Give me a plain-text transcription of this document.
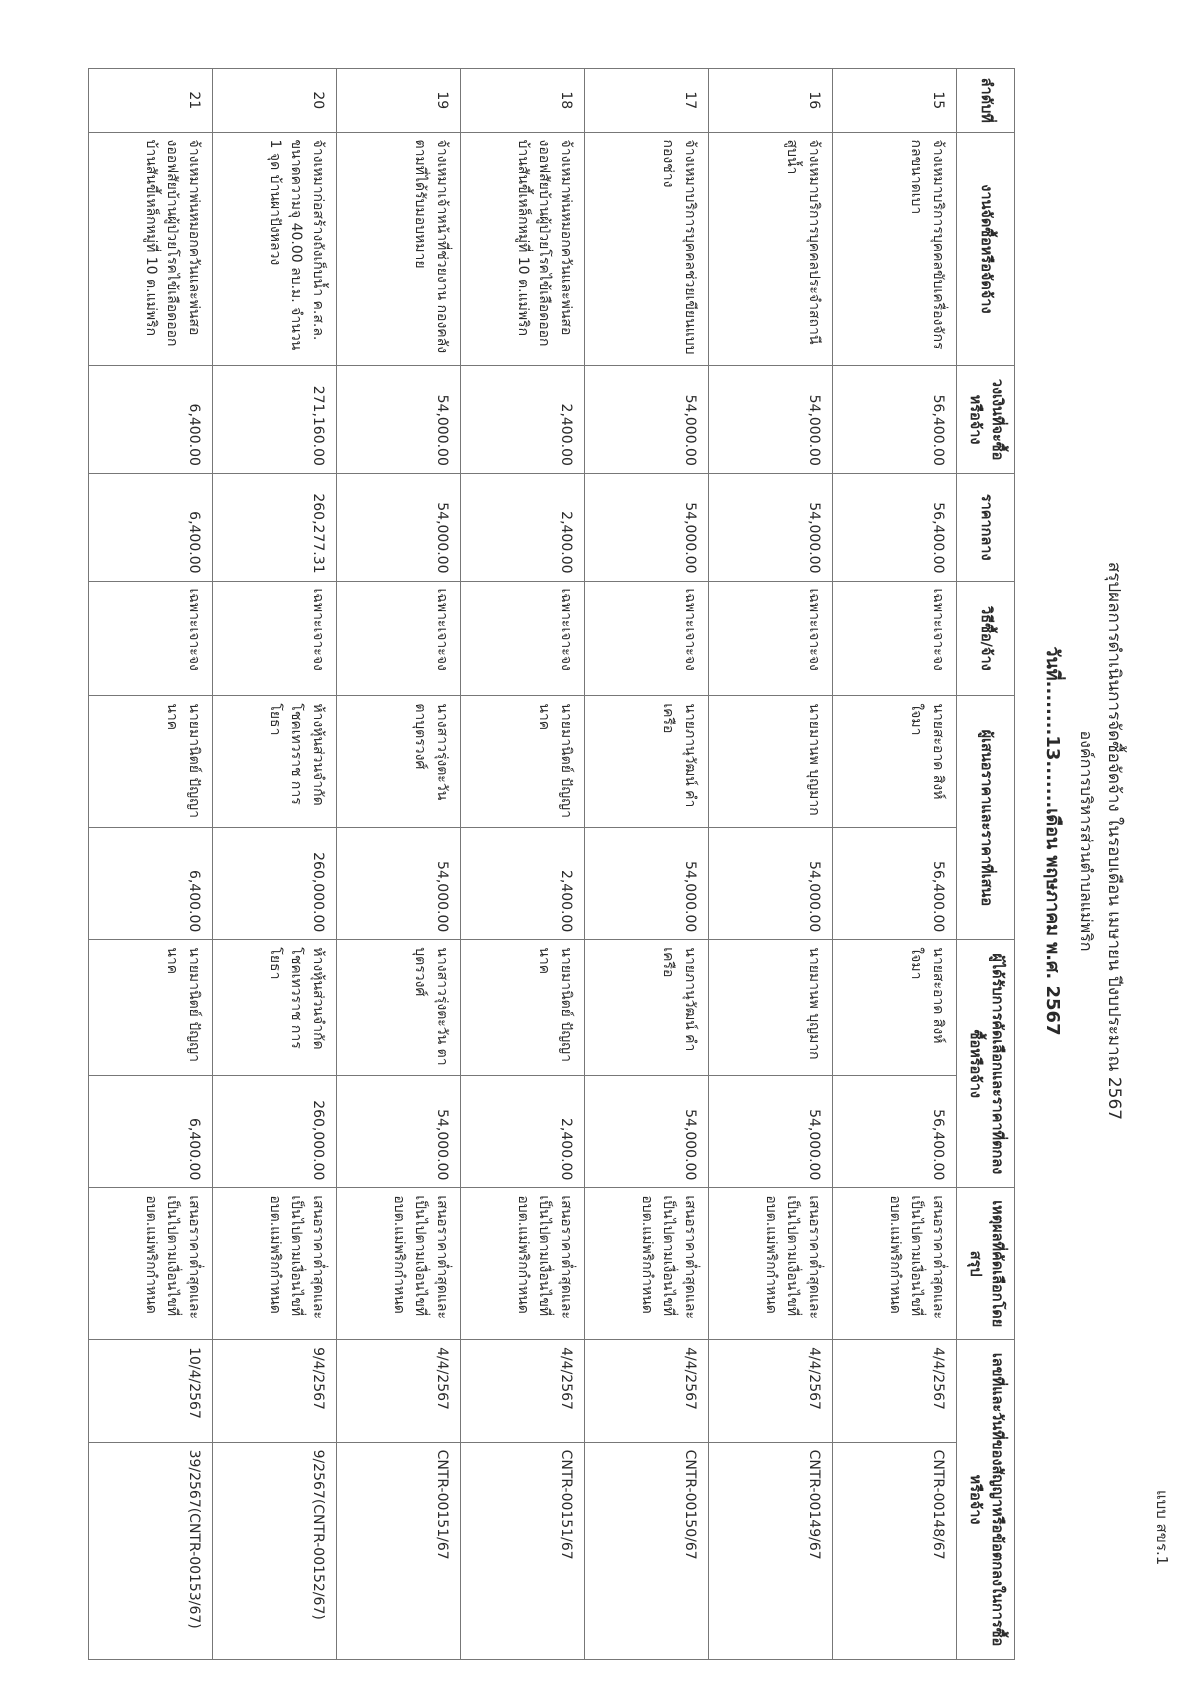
แบบ สขร.1
สรุปผลการดำเนินการจัดซื้อจัดจ้าง ในรอบเดือน เมษายน ปีงบประมาณ 2567
องค์การบริหารส่วนตำบลแม่พริก
วันที่........13.......เดือน พฤษภาคม พ.ศ. 2567
ลำดับที่	งานจัดซื้อหรือจัดจ้าง	วงเงินที่จะซื้อหรือจ้าง	ราคากลาง	วิธีซื้อ/จ้าง	ผู้เสนอราคาและราคาที่เสนอ		ผู้ได้รับการคัดเลือกและราคาที่ตกลงซื้อหรือจ้าง		เหตุผลที่คัดเลือกโดยสรุป	เลขที่และวันที่ของสัญญาหรือข้อตกลงในการซื้อหรือจ้าง	
15	จ้างเหมาบริการบุคคลขับเครื่องจักรกลขนาดเบา	56,400.00	56,400.00	เฉพาะเจาะจง	นายสะอาด สิงห์ใจมา	56,400.00	นายสะอาด สิงห์ใจมา	56,400.00	เสนอราคาต่ำสุดและเป็นไปตามเงื่อนไขที่ อบต.แม่พริกกำหนด	4/4/2567	CNTR-00148/67
16	จ้างเหมาบริการบุคคลประจำสถานีสูบน้ำ	54,000.00	54,000.00	เฉพาะเจาะจง	นายมานพ บุญมาก	54,000.00	นายมานพ บุญมาก	54,000.00	เสนอราคาต่ำสุดและเป็นไปตามเงื่อนไขที่ อบต.แม่พริกกำหนด	4/4/2567	CNTR-00149/67
17	จ้างเหมาบริการบุคคลช่วยเขียนแบบ กองช่าง	54,000.00	54,000.00	เฉพาะเจาะจง	นายภานุวัฒน์ คำเครือ	54,000.00	นายภานุวัฒน์ คำเครือ	54,000.00	เสนอราคาต่ำสุดและเป็นไปตามเงื่อนไขที่ อบต.แม่พริกกำหนด	4/4/2567	CNTR-00150/67
18	จ้างเหมาพ่นหมอกควันและพ่นสองออฟสัยบ้านผู้ป่วยโรคไข้เลือดออกบ้านสันขี้เหล็กหมู่ที่ 10 ต.แม่พริก	2,400.00	2,400.00	เฉพาะเจาะจง	นายมานิตย์ ปัญญานาค	2,400.00	นายมานิตย์ ปัญญานาค	2,400.00	เสนอราคาต่ำสุดและเป็นไปตามเงื่อนไขที่ อบต.แม่พริกกำหนด	4/4/2567	CNTR-00151/67
19	จ้างเหมาเจ้าหน้าที่ช่วยงาน กองคลัง ตามที่ได้รับมอบหมาย	54,000.00	54,000.00	เฉพาะเจาะจง	นางสาวรุ่งตะวัน ตาบุตรวงศ์	54,000.00	นางสาวรุ่งตะวัน ตาบุตรวงศ์	54,000.00	เสนอราคาต่ำสุดและเป็นไปตามเงื่อนไขที่ อบต.แม่พริกกำหนด	4/4/2567	CNTR-00151/67
20	จ้างเหมาก่อสร้างถังเก็บน้ำ ค.ส.ล. ขนาดความจุ 40.00 ลบ.ม. จำนวน 1 จุด บ้านผาปังหลวง	271,160.00	260,277.31	เฉพาะเจาะจง	ห้างหุ้นส่วนจำกัด โชคเทวราช การโยธา	260,000.00	ห้างหุ้นส่วนจำกัด โชคเทวราช การโยธา	260,000.00	เสนอราคาต่ำสุดและเป็นไปตามเงื่อนไขที่ อบต.แม่พริกกำหนด	9/4/2567	9/2567(CNTR-00152/67)
21	จ้างเหมาพ่นหมอกควันและพ่นสองออฟสัยบ้านผู้ป่วยโรคไข้เลือดออกบ้านสันขี้เหล็กหมู่ที่ 10 ต.แม่พริก	6,400.00	6,400.00	เฉพาะเจาะจง	นายมานิตย์ ปัญญานาค	6,400.00	นายมานิตย์ ปัญญานาค	6,400.00	เสนอราคาต่ำสุดและเป็นไปตามเงื่อนไขที่ อบต.แม่พริกกำหนด	10/4/2567	39/2567(CNTR-00153/67)
